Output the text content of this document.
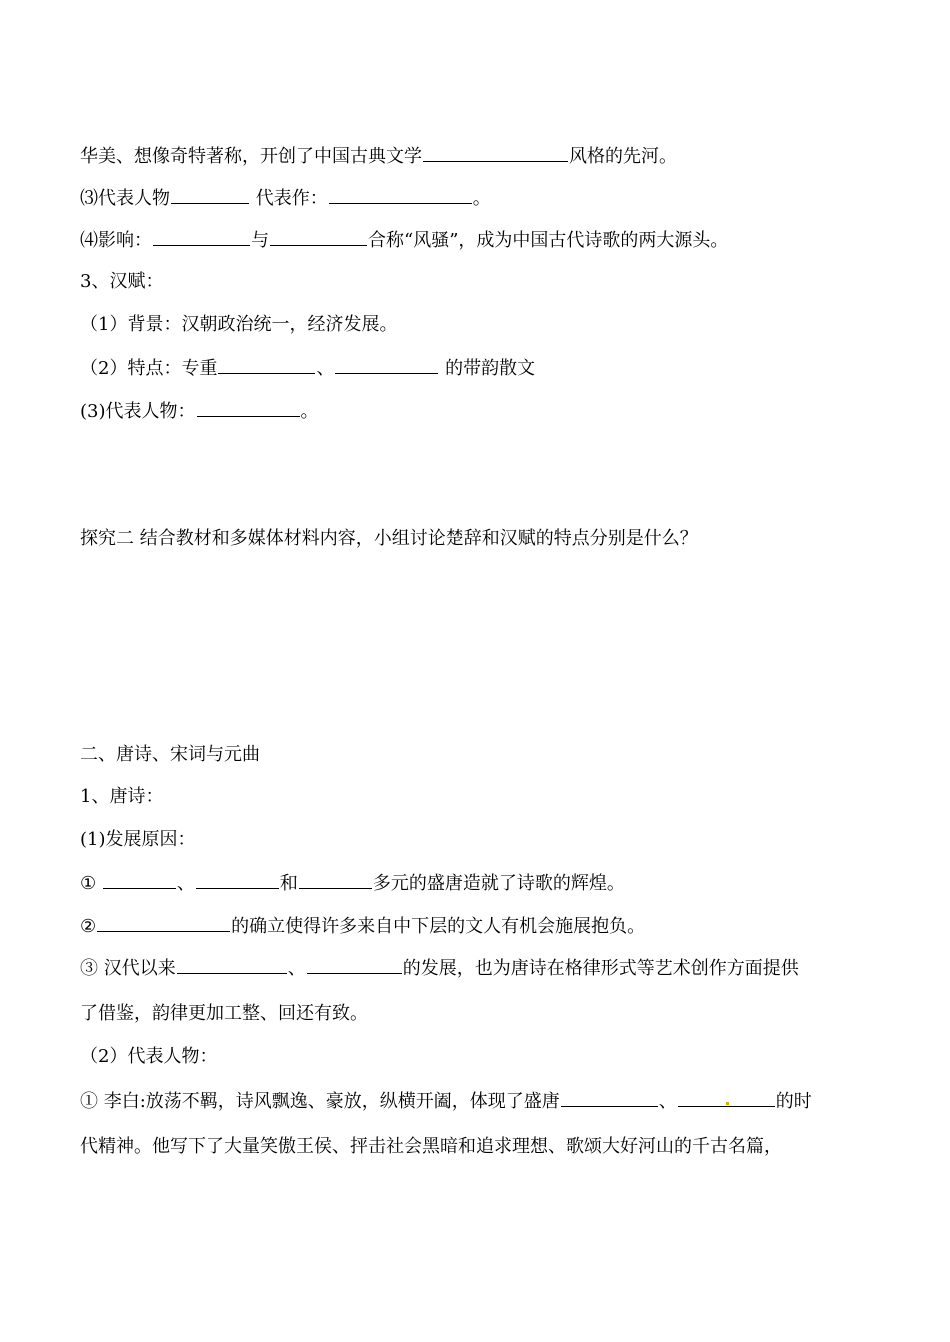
华美、想像奇特著称，开创了中国古典文学	风格的先河。
⑶代表人物	代表作：	。
⑷影响：	与	合称“风骚”，成为中国古代诗歌的两大源头。
3、汉赋：
（1）背景：汉朝政治统一，经济发展。
（2）特点：专重	、	的带韵散文
(3)代表人物：	。
探究二 结合教材和多媒体材料内容，小组讨论楚辞和汉赋的特点分别是什么？
二、唐诗、宋词与元曲
1、唐诗：
(1)发展原因：
①	、	和	多元的盛唐造就了诗歌的辉煌。
②	的确立使得许多来自中下层的文人有机会施展抱负。
③ 汉代以来	、	的发展，也为唐诗在格律形式等艺术创作方面提供
了借鉴，韵律更加工整、回还有致。
（2）代表人物：
① 李白:放荡不羁，诗风飘逸、豪放，纵横开阖，体现了盛唐	、	的时
代精神。他写下了大量笑傲王侯、抨击社会黑暗和追求理想、歌颂大好河山的千古名篇，
